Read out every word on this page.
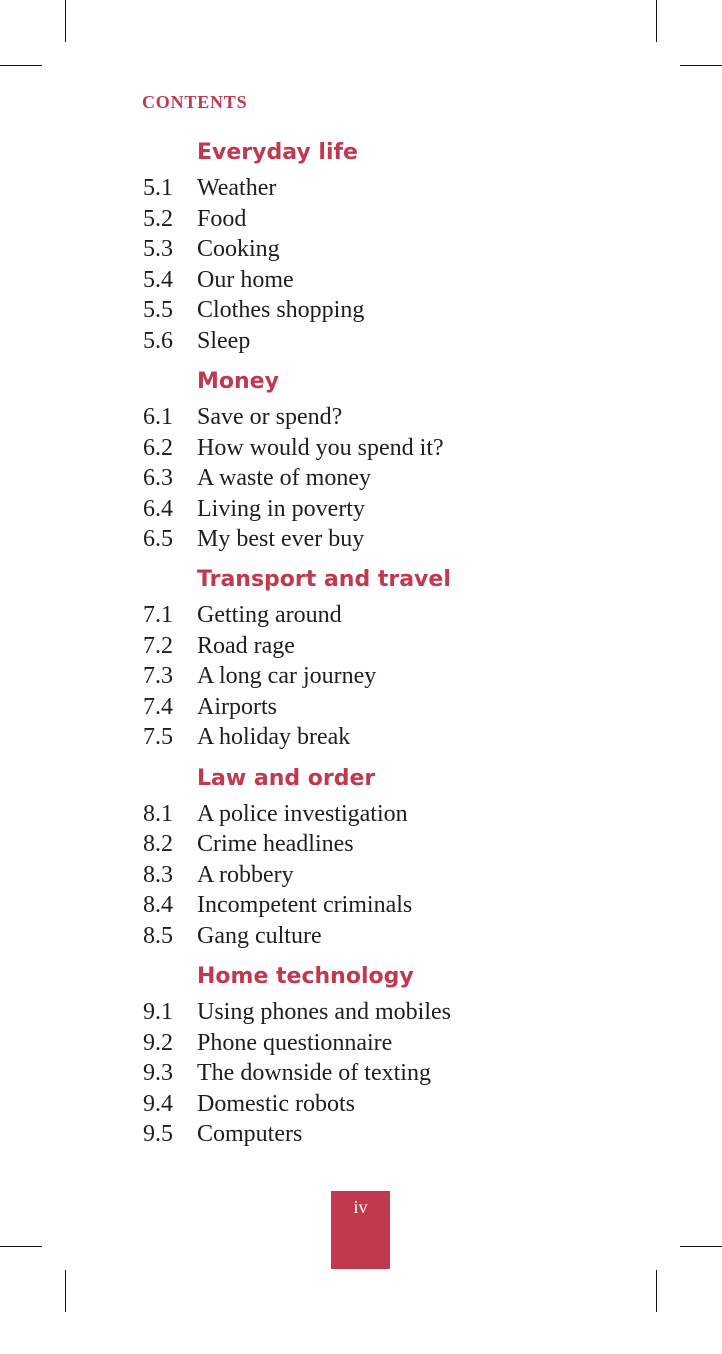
CONTENTS
Everyday life
5.1 Weather
5.2 Food
5.3 Cooking
5.4 Our home
5.5 Clothes shopping
5.6 Sleep
Money
6.1 Save or spend?
6.2 How would you spend it?
6.3 A waste of money
6.4 Living in poverty
6.5 My best ever buy
Transport and travel
7.1 Getting around
7.2 Road rage
7.3 A long car journey
7.4 Airports
7.5 A holiday break
Law and order
8.1 A police investigation
8.2 Crime headlines
8.3 A robbery
8.4 Incompetent criminals
8.5 Gang culture
Home technology
9.1 Using phones and mobiles
9.2 Phone questionnaire
9.3 The downside of texting
9.4 Domestic robots
9.5 Computers
iv
